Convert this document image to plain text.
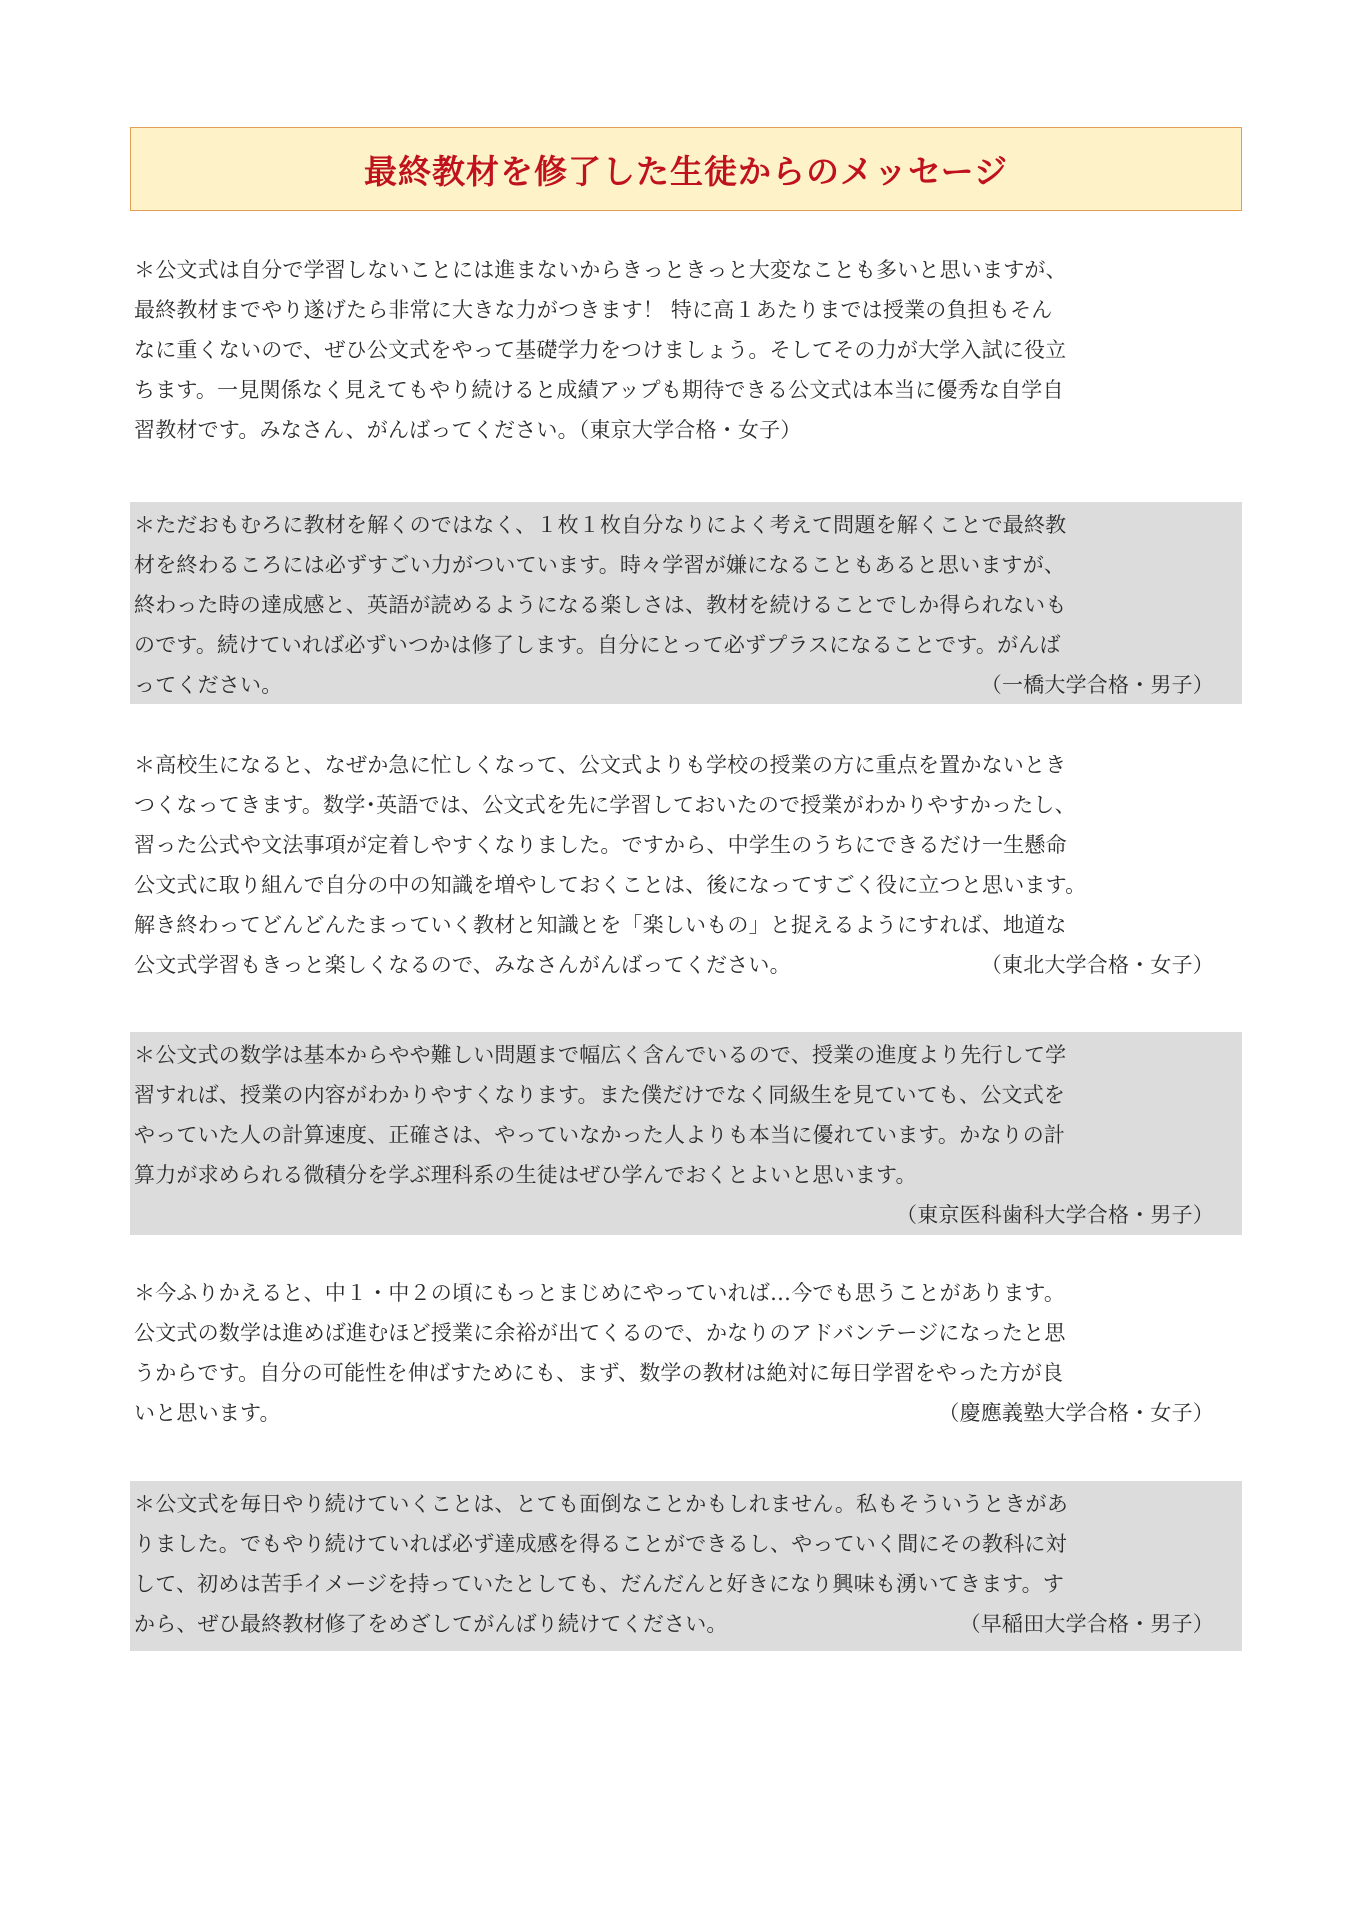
最終教材を修了した生徒からのメッセージ
＊公文式は自分で学習しないことには進まないからきっときっと大変なことも多いと思いますが、
最終教材までやり遂げたら非常に大きな力がつきます！ 特に高１あたりまでは授業の負担もそん
なに重くないので、ぜひ公文式をやって基礎学力をつけましょう。そしてその力が大学入試に役立
ちます。一見関係なく見えてもやり続けると成績アップも期待できる公文式は本当に優秀な自学自
習教材です。みなさん、がんばってください。（東京大学合格・女子）
＊ただおもむろに教材を解くのではなく、１枚１枚自分なりによく考えて問題を解くことで最終教
材を終わるころには必ずすごい力がついています。時々学習が嫌になることもあると思いますが、
終わった時の達成感と、英語が読めるようになる楽しさは、教材を続けることでしか得られないも
のです。続けていれば必ずいつかは修了します。自分にとって必ずプラスになることです。がんば
ってください。	（一橋大学合格・男子）
＊高校生になると、なぜか急に忙しくなって、公文式よりも学校の授業の方に重点を置かないとき
つくなってきます。数学･英語では、公文式を先に学習しておいたので授業がわかりやすかったし、
習った公式や文法事項が定着しやすくなりました。ですから、中学生のうちにできるだけ一生懸命
公文式に取り組んで自分の中の知識を増やしておくことは、後になってすごく役に立つと思います。
解き終わってどんどんたまっていく教材と知識とを「楽しいもの」と捉えるようにすれば、地道な
公文式学習もきっと楽しくなるので、みなさんがんばってください。	（東北大学合格・女子）
＊公文式の数学は基本からやや難しい問題まで幅広く含んでいるので、授業の進度より先行して学
習すれば、授業の内容がわかりやすくなります。また僕だけでなく同級生を見ていても、公文式を
やっていた人の計算速度、正確さは、やっていなかった人よりも本当に優れています。かなりの計
算力が求められる微積分を学ぶ理科系の生徒はぜひ学んでおくとよいと思います。
（東京医科歯科大学合格・男子）
＊今ふりかえると、中１・中２の頃にもっとまじめにやっていれば…今でも思うことがあります。
公文式の数学は進めば進むほど授業に余裕が出てくるので、かなりのアドバンテージになったと思
うからです。自分の可能性を伸ばすためにも、まず、数学の教材は絶対に毎日学習をやった方が良
いと思います。	（慶應義塾大学合格・女子）
＊公文式を毎日やり続けていくことは、とても面倒なことかもしれません。私もそういうときがあ
りました。でもやり続けていれば必ず達成感を得ることができるし、やっていく間にその教科に対
して、初めは苦手イメージを持っていたとしても、だんだんと好きになり興味も湧いてきます。す
から、ぜひ最終教材修了をめざしてがんばり続けてください。	（早稲田大学合格・男子）
